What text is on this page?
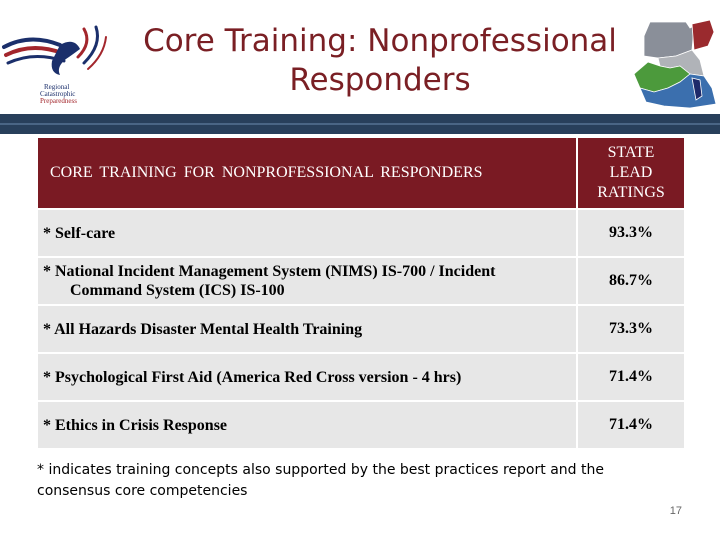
Regional
Catastrophic
Preparedness
Core Training: Nonprofessional Responders
CORE TRAINING FOR NONPROFESSIONAL RESPONDERS	STATE
LEAD
RATINGS
* Self-care	93.3%
* National Incident Management System (NIMS) IS-700 / Incident
Command System (ICS) IS-100	86.7%
* All Hazards Disaster Mental Health Training	73.3%
* Psychological First Aid (America Red Cross version - 4 hrs)	71.4%
* Ethics in Crisis Response	71.4%
* indicates training concepts also supported by the best practices report and the consensus core competencies
17
